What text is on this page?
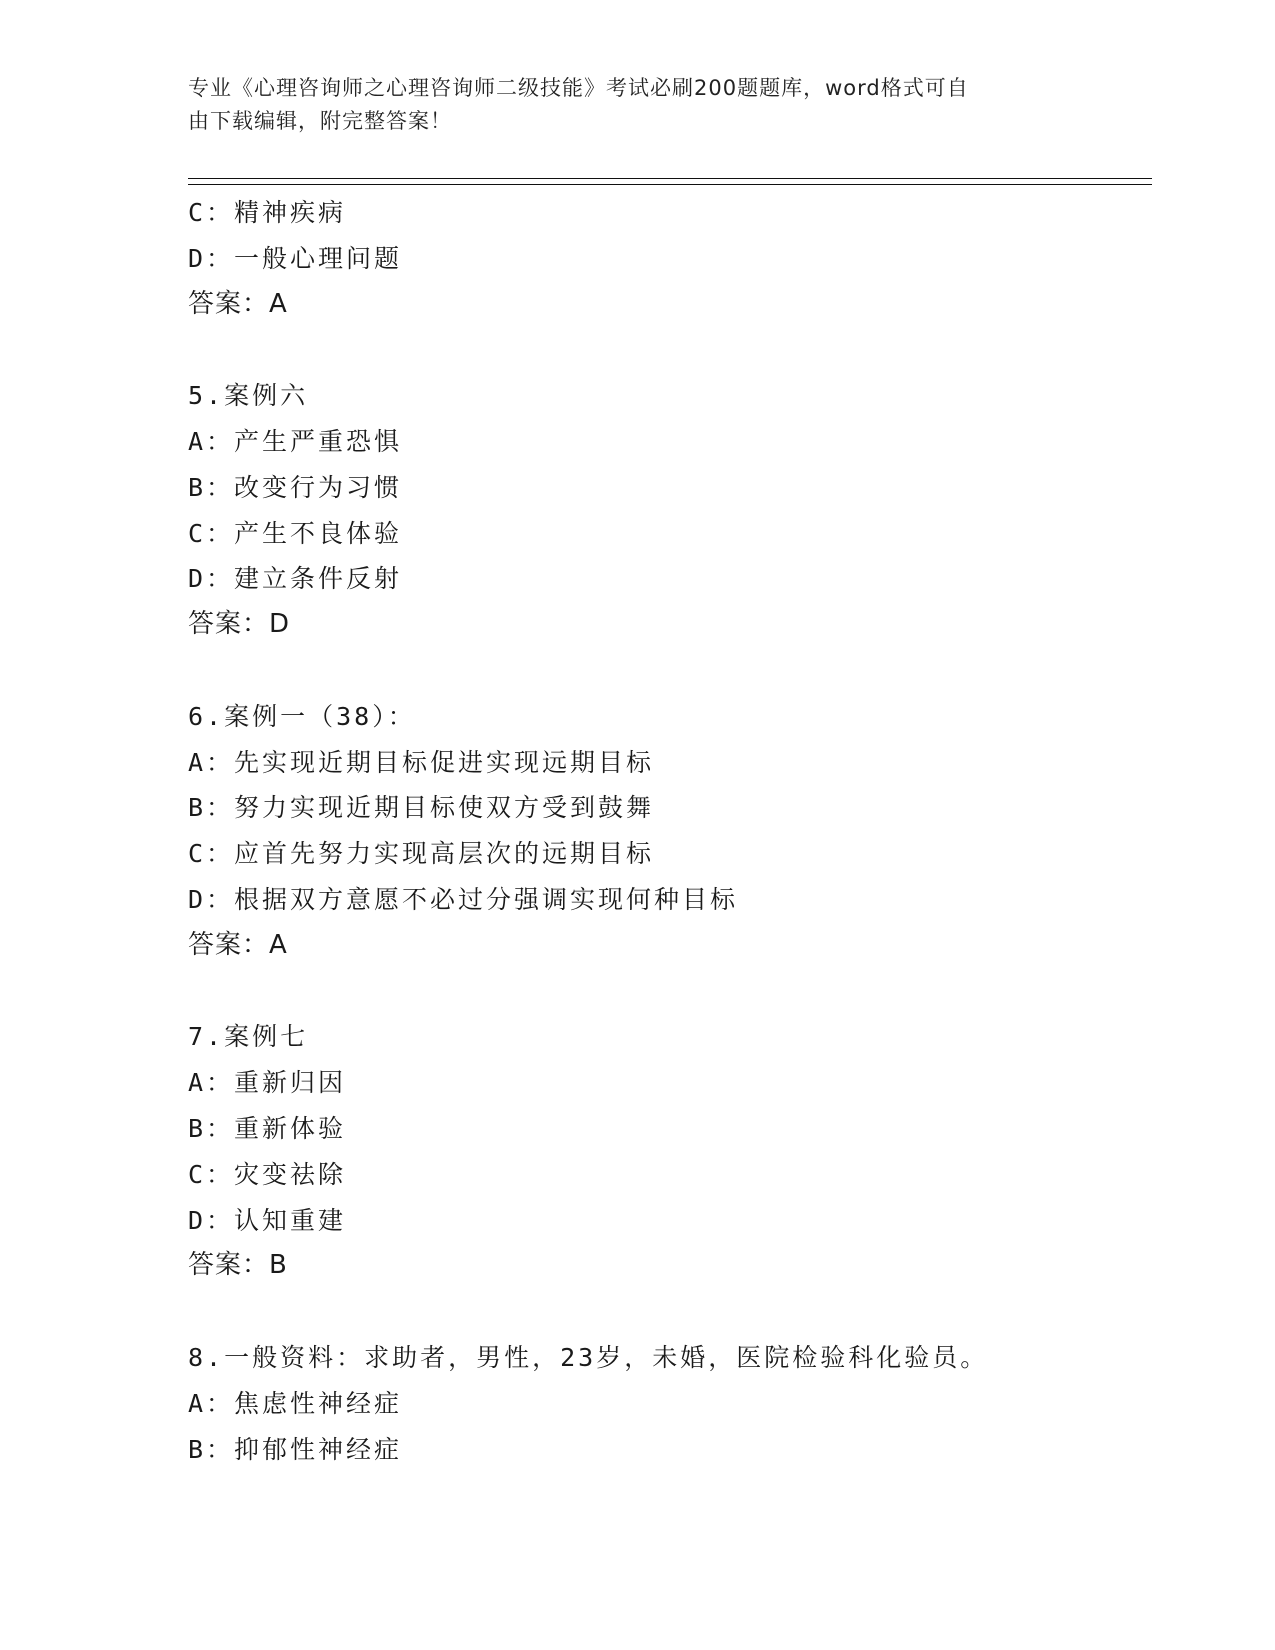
专业《心理咨询师之心理咨询师二级技能》考试必刷200题题库，word格式可自
由下载编辑，附完整答案！
C：精神疾病
D：一般心理问题
答案：A
5.案例六
A：产生严重恐惧
B：改变行为习惯
C：产生不良体验
D：建立条件反射
答案：D
6.案例一（38）：
A：先实现近期目标促进实现远期目标
B：努力实现近期目标使双方受到鼓舞
C：应首先努力实现高层次的远期目标
D：根据双方意愿不必过分强调实现何种目标
答案：A
7.案例七
A：重新归因
B：重新体验
C：灾变祛除
D：认知重建
答案：B
8.一般资料：求助者，男性，23岁，未婚，医院检验科化验员。
A：焦虑性神经症
B：抑郁性神经症
